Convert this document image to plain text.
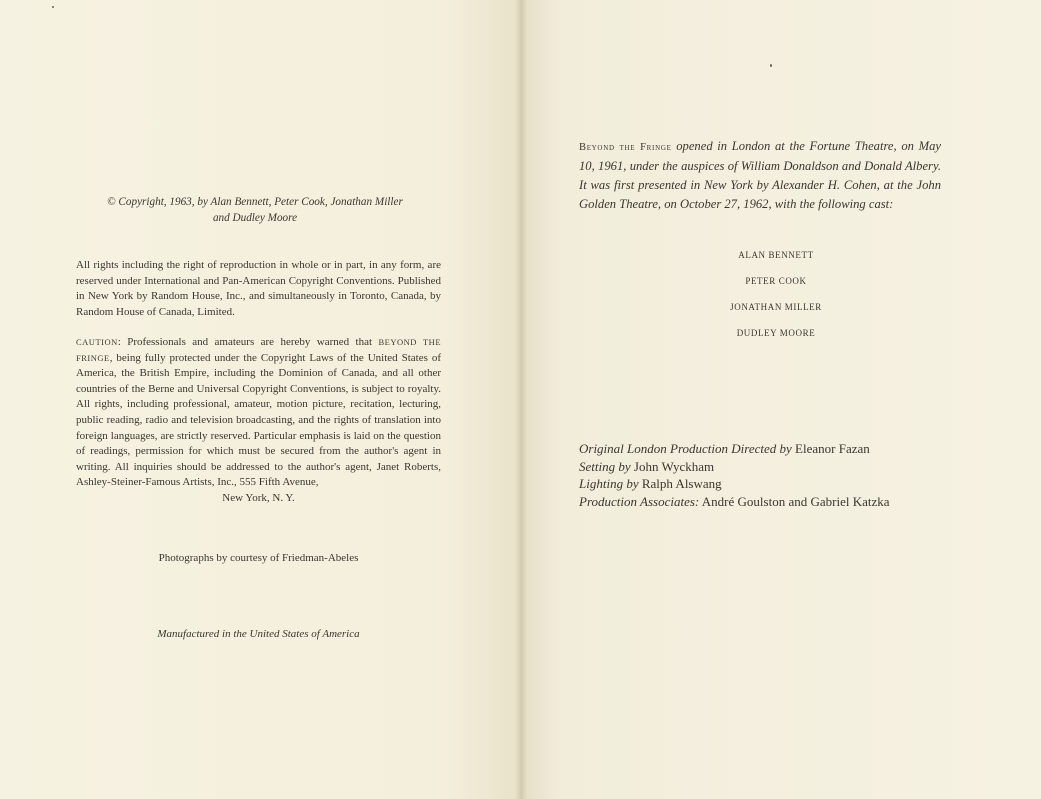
© Copyright, 1963, by Alan Bennett, Peter Cook, Jonathan Miller
and Dudley Moore

All rights including the right of reproduction in whole or in part, in any form, are reserved under International and Pan-American Copyright Conventions. Published in New York by Random House, Inc., and simultaneously in Toronto, Canada, by Random House of Canada, Limited.

CAUTION: Professionals and amateurs are hereby warned that BEYOND THE FRINGE, being fully protected under the Copyright Laws of the United States of America, the British Empire, including the Dominion of Canada, and all other countries of the Berne and Universal Copyright Conventions, is subject to royalty. All rights, including professional, amateur, motion picture, recitation, lecturing, public reading, radio and television broadcasting, and the rights of translation into foreign languages, are strictly reserved. Particular emphasis is laid on the question of readings, permission for which must be secured from the author's agent in writing. All inquiries should be addressed to the author's agent, Janet Roberts, Ashley-Steiner-Famous Artists, Inc., 555 Fifth Avenue,
New York, N. Y.

Photographs by courtesy of Friedman-Abeles
Manufactured in the United States of America

Beyond the Fringe opened in London at the Fortune Theatre, on May 10, 1961, under the auspices of William Donaldson and Donald Albery. It was first presented in New York by Alexander H. Cohen, at the John Golden Theatre, on October 27, 1962, with the following cast:

ALAN BENNETT
PETER COOK
JONATHAN MILLER
DUDLEY MOORE
Original London Production Directed by Eleanor Fazan
Setting by John Wyckham
Lighting by Ralph Alswang
Production Associates: André Goulston and Gabriel Katzka
